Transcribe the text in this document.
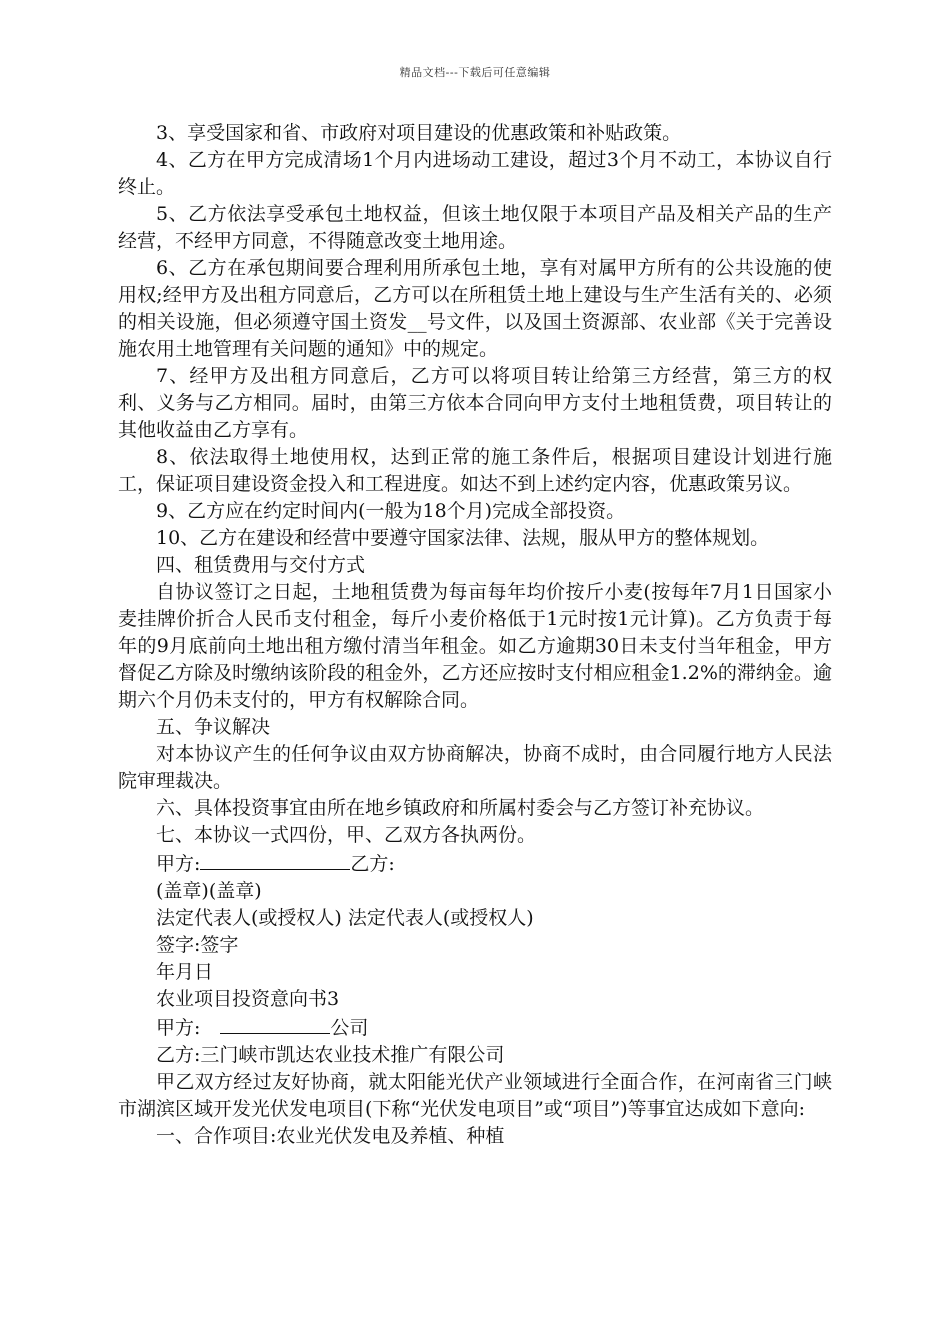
精品文档---下载后可任意编辑

3、享受国家和省、市政府对项目建设的优惠政策和补贴政策。

4、乙方在甲方完成清场1个月内进场动工建设，超过3个月不动工，本协议自行终止。

5、乙方依法享受承包土地权益，但该土地仅限于本项目产品及相关产品的生产经营，不经甲方同意，不得随意改变土地用途。

6、乙方在承包期间要合理利用所承包土地，享有对属甲方所有的公共设施的使用权;经甲方及出租方同意后，乙方可以在所租赁土地上建设与生产生活有关的、必须的相关设施，但必须遵守国土资发__号文件，以及国土资源部、农业部《关于完善设施农用土地管理有关问题的通知》中的规定。

7、经甲方及出租方同意后，乙方可以将项目转让给第三方经营，第三方的权利、义务与乙方相同。届时，由第三方依本合同向甲方支付土地租赁费，项目转让的其他收益由乙方享有。

8、依法取得土地使用权，达到正常的施工条件后，根据项目建设计划进行施工，保证项目建设资金投入和工程进度。如达不到上述约定内容，优惠政策另议。

9、乙方应在约定时间内(一般为18个月)完成全部投资。

10、乙方在建设和经营中要遵守国家法律、法规，服从甲方的整体规划。

四、租赁费用与交付方式

自协议签订之日起，土地租赁费为每亩每年均价按斤小麦(按每年7月1日国家小麦挂牌价折合人民币支付租金，每斤小麦价格低于1元时按1元计算)。乙方负责于每年的9月底前向土地出租方缴付清当年租金。如乙方逾期30日未支付当年租金，甲方督促乙方除及时缴纳该阶段的租金外，乙方还应按时支付相应租金1.2%的滞纳金。逾期六个月仍未支付的，甲方有权解除合同。

五、争议解决

对本协议产生的任何争议由双方协商解决，协商不成时，由合同履行地方人民法院审理裁决。

六、具体投资事宜由所在地乡镇政府和所属村委会与乙方签订补充协议。

七、本协议一式四份，甲、乙双方各执两份。

甲方:	乙方:

(盖章)(盖章)

法定代表人(或授权人) 法定代表人(或授权人)

签字:签字

年月日

农业项目投资意向书3

甲方:	公司

乙方:三门峡市凯达农业技术推广有限公司

甲乙双方经过友好协商，就太阳能光伏产业领域进行全面合作，在河南省三门峡市湖滨区域开发光伏发电项目(下称“光伏发电项目”或“项目”)等事宜达成如下意向:

一、合作项目:农业光伏发电及养植、种植
